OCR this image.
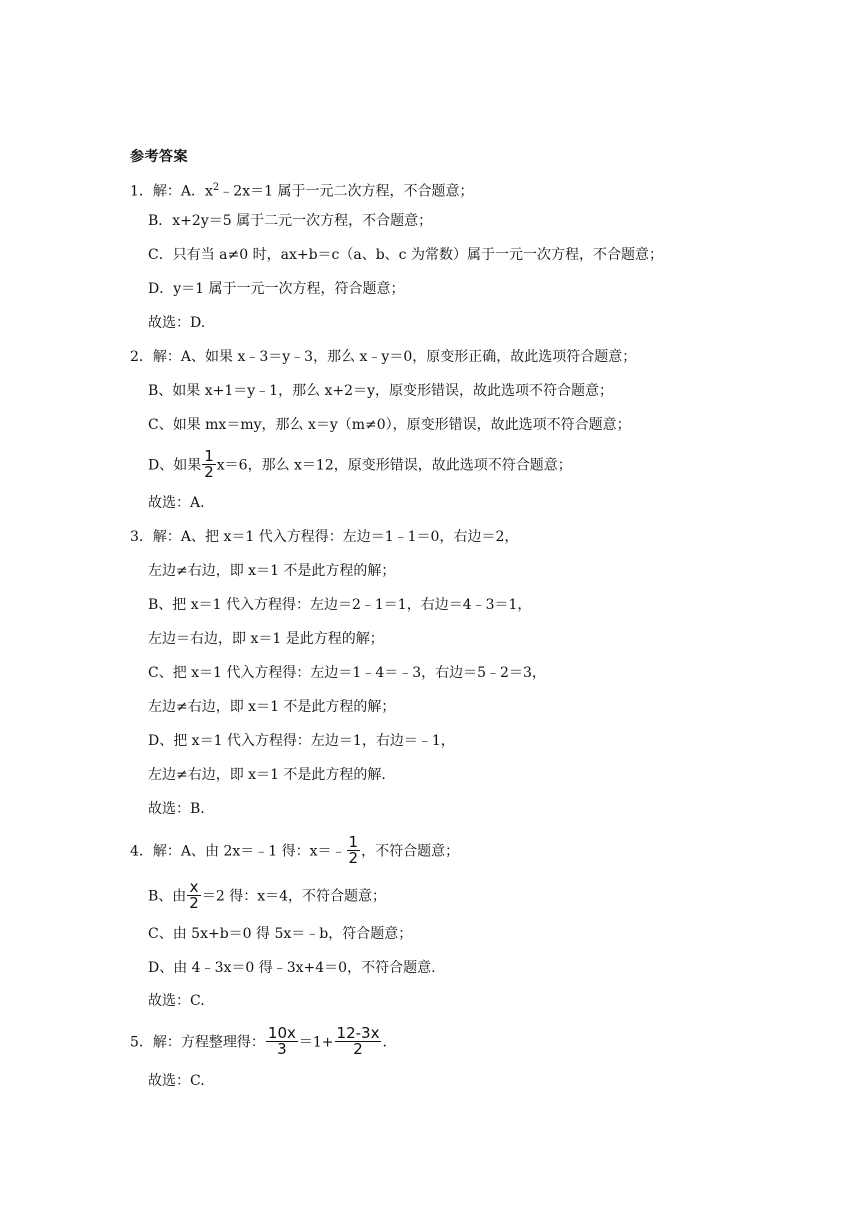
参考答案
1．解：A．$x^2﹣2x=1$ 属于一元二次方程，不合题意；
B．x+2y＝5 属于二元一次方程，不合题意；
C．只有当 a≠0 时，ax+b＝c（a、b、c 为常数）属于一元一次方程，不合题意；
D．y＝1 属于一元一次方程，符合题意；
故选：D.
2．解：A、如果 x﹣3＝y﹣3，那么 x﹣y＝0，原变形正确，故此选项符合题意；
B、如果 x+1＝y﹣1，那么 x+2＝y，原变形错误，故此选项不符合题意；
C、如果 mx＝my，那么 x＝y（m≠0），原变形错误，故此选项不符合题意；
D、如果 $\frac{1}{2} x=6$，那么 x＝12，原变形错误，故此选项不符合题意；
故选：A.
3．解：A、把 x＝1 代入方程得：左边＝1﹣1＝0，右边＝2，
左边≠右边，即 x＝1 不是此方程的解；
B、把 x＝1 代入方程得：左边＝2﹣1＝1，右边＝4﹣3＝1，
左边＝右边，即 x＝1 是此方程的解；
C、把 x＝1 代入方程得：左边＝1﹣4＝﹣3，右边＝5﹣2＝3，
左边≠右边，即 x＝1 不是此方程的解；
D、把 x＝1 代入方程得：左边＝1，右边＝﹣1，
左边≠右边，即 x＝1 不是此方程的解.
故选：B.
4．解：A、由 2x＝﹣1 得：x＝﹣ $\frac{1}{2}$ ，不符合题意；
B、由 $\frac{x}{2} =2$ 得：x＝4，不符合题意；
C、由 5x+b＝0 得 5x＝﹣b，符合题意；
D、由 4﹣3x＝0 得﹣3x+4＝0，不符合题意.
故选：C.
5．解：方程整理得： $\frac{10x}{3} =1+ \frac{12-3x}{2}$ .
故选：C.
